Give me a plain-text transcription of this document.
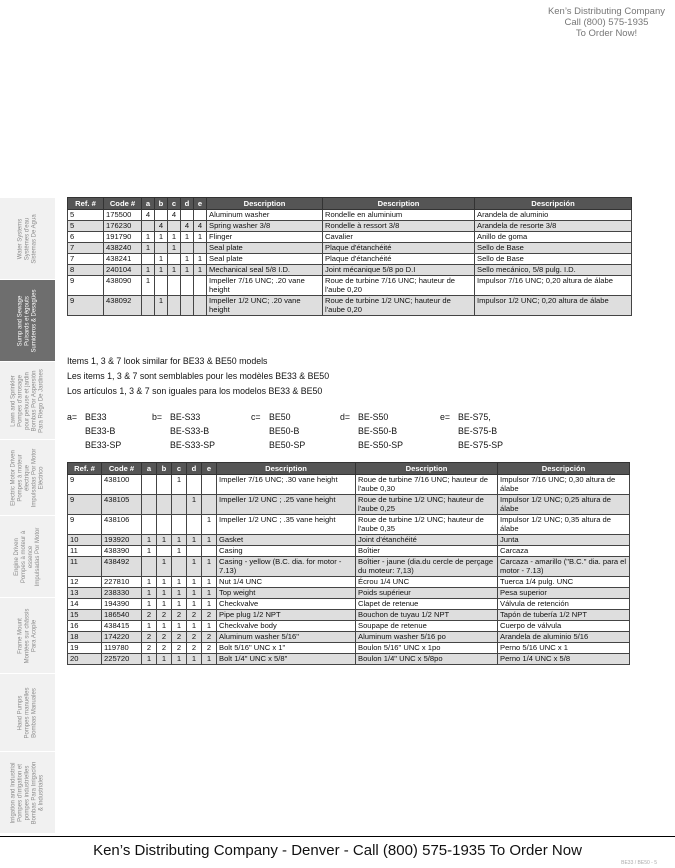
Ken’s Distributing Company
Call (800) 575-1935
To Order Now!
Water Systems Systèmes d'eau Sistemas De Agua
Sump and Sewage Puisards et égouts Sumideros & Desagües
Lawn and Sprinkler Pompes d'arrosage pour pelouse et jardin Bombas Por Aspersión Para Riego De Jardines
Electric Motor Driven Pompes à moteur électrique Impulsadas Por Motor Eléctrico
Engine Driven Pompes à moteur à essence Impulsadas Por Motor
Frame Mount Montées sur châssis Para Acople
Hand Pumps Pompes manuelles Bombas Manuales
Irrigation and Industrial Pompes d'irrigation et pompes industrielles Bombas Para Irrigación & Industriales
Ref. #	Code #	a	b	c	d	e	Description	Description	Descripción
5	175500	4		4			Aluminum washer	Rondelle en aluminium	Arandela de aluminio
5	176230		4		4	4	Spring washer 3/8	Rondelle à ressort 3/8	Arandela de resorte 3/8
6	191790	1	1	1	1	1	Flinger	Cavalier	Anillo de goma
7	438240	1		1			Seal plate	Plaque d'étanchéité	Sello de Base
7	438241		1		1	1	Seal plate	Plaque d'étanchéité	Sello de Base
8	240104	1	1	1	1	1	Mechanical seal 5/8 I.D.	Joint mécanique 5/8 po D.I	Sello mecánico, 5/8 pulg. I.D.
9	438090	1					Impeller 7/16 UNC; .20 vane height	Roue de turbine 7/16 UNC; hauteur de l'aube 0,20	Impulsor 7/16 UNC; 0,20 altura de álabe
9	438092		1				Impeller 1/2 UNC; .20 vane height	Roue de turbine 1/2 UNC; hauteur de l'aube 0,20	Impulsor 1/2 UNC; 0,20 altura de álabe
Items 1, 3 & 7 look similar for BE33 & BE50 models
Les items 1, 3 & 7 sont semblables pour les modèles BE33 & BE50
Los artículos 1, 3 & 7 son iguales para los modelos BE33 & BE50
a= BE33
BE33-B
BE33-SP
b= BE-S33
BE-S33-B
BE-S33-SP
c= BE50
BE50-B
BE50-SP
d= BE-S50
BE-S50-B
BE-S50-SP
e= BE-S75,
BE-S75-B
BE-S75-SP
Ref. #	Code #	a	b	c	d	e	Description	Description	Descripción
9	438100			1			Impeller 7/16 UNC; .30 vane height	Roue de turbine 7/16 UNC; hauteur de l'aube 0,30	Impulsor 7/16 UNC; 0,30 altura de álabe
9	438105				1		Impeller 1/2 UNC ; .25 vane height	Roue de turbine 1/2 UNC; hauteur de l'aube 0,25	Impulsor 1/2 UNC; 0,25 altura de álabe
9	438106					1	Impeller 1/2 UNC ; .35 vane height	Roue de turbine 1/2 UNC; hauteur de l'aube 0,35	Impulsor 1/2 UNC; 0,35 altura de álabe
10	193920	1	1	1	1	1	Gasket	Joint d'étanchéité	Junta
11	438390	1		1			Casing	Boîtier	Carcaza
11	438492		1		1	1	Casing - yellow (B.C. dia. for motor - 7.13)	Boîtier - jaune (dia.du cercle de perçage du moteur: 7,13)	Carcaza - amarillo ("B.C." dia. para el motor - 7.13)
12	227810	1	1	1	1	1	Nut 1/4 UNC	Écrou 1/4 UNC	Tuerca 1/4 pulg. UNC
13	238330	1	1	1	1	1	Top weight	Poids supérieur	Pesa superior
14	194390	1	1	1	1	1	Checkvalve	Clapet de retenue	Válvula de retención
15	186540	2	2	2	2	2	Pipe plug 1/2 NPT	Bouchon de tuyau 1/2 NPT	Tapón de tubería 1/2 NPT
16	438415	1	1	1	1	1	Checkvalve body	Soupape de retenue	Cuerpo de válvula
18	174220	2	2	2	2	2	Aluminum washer 5/16"	Aluminum washer 5/16 po	Arandela de aluminio 5/16
19	119780	2	2	2	2	2	Bolt 5/16" UNC x 1"	Boulon 5/16" UNC x 1po	Perno 5/16 UNC x 1
20	225720	1	1	1	1	1	Bolt 1/4" UNC x 5/8"	Boulon 1/4" UNC x 5/8po	Perno 1/4 UNC x 5/8
Ken’s Distributing Company - Denver - Call (800) 575-1935 To Order Now
BE33 / BE50 - 5
